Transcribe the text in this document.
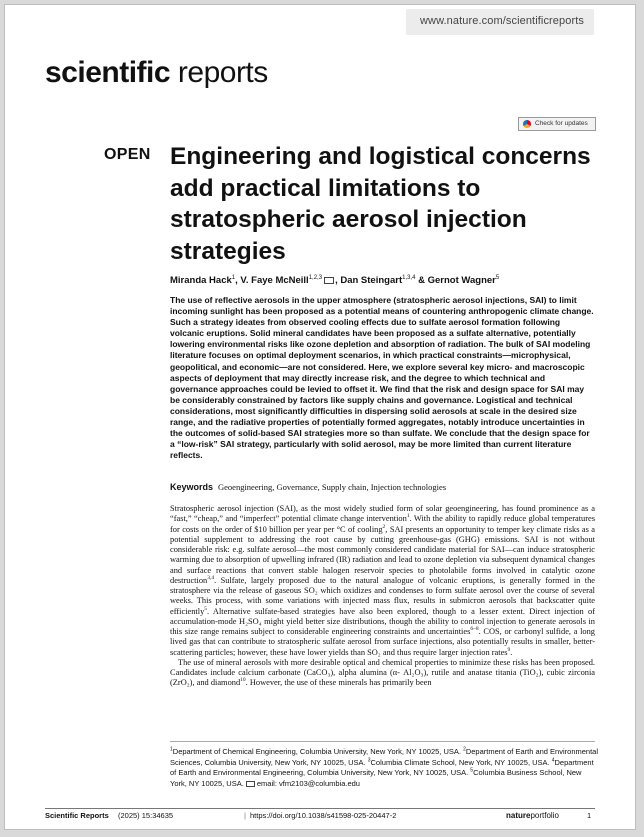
www.nature.com/scientificreports
scientific reports
Check for updates
OPEN Engineering and logistical concerns add practical limitations to stratospheric aerosol injection strategies
Miranda Hack$^1$, V. Faye McNeill$^{1,2,3}$ , Dan Steingart$^{1,3,4}$ & Gernot Wagner$^5$

The use of reflective aerosols in the upper atmosphere (stratospheric aerosol injections, SAI) to limit incoming sunlight has been proposed as a potential means of countering anthropogenic climate change. Such a strategy ideates from observed cooling effects due to sulfate aerosol formation following volcanic eruptions. Solid mineral candidates have been proposed as a sulfate alternative, potentially lowering environmental risks like ozone depletion and absorption of radiation. The bulk of SAI modeling literature focuses on optimal deployment scenarios, in which practical constraints—microphysical, geopolitical, and economic—are not considered. Here, we explore several key micro- and macroscopic aspects of deployment that may directly increase risk, and the degree to which technical and governance approaches could be levied to offset it. We find that the risk and design space for SAI may be considerably constrained by factors like supply chains and governance. Logistical and technical considerations, most significantly difficulties in dispersing solid aerosols at scale in the desired size range, and the radiative properties of potentially formed aggregates, notably introduce uncertainties in the outcomes of solid-based SAI strategies more so than sulfate. We conclude that the design space for a “low-risk” SAI strategy, particularly with solid aerosol, may be more limited than current literature reflects.

Keywords Geoengineering, Governance, Supply chain, Injection technologies

Stratospheric aerosol injection (SAI), as the most widely studied form of solar geoengineering, has found prominence as a “fast,” “cheap,” and “imperfect” potential climate change intervention$^1$. With the ability to rapidly reduce global temperatures for costs on the order of $10 billion per year per °C of cooling$^2$, SAI presents an opportunity to temper key climate risks as a potential supplement to addressing the root cause by cutting greenhouse-gas (GHG) emissions. SAI is not without considerable risk: e.g. sulfate aerosol—the most commonly considered candidate material for SAI—can induce stratospheric warming due to absorption of upwelling infrared (IR) radiation and lead to ozone depletion via subsequent dynamical changes and surface reactions that convert stable halogen reservoir species to photolabile forms involved in catalytic ozone destruction$^{3,4}$. Sulfate, largely proposed due to the natural analogue of volcanic eruptions, is generally formed in the stratosphere via the release of gaseous SO₂ which oxidizes and condenses to form sulfate aerosol over the course of several weeks. This process, with some variations with injected mass flux, results in submicron aerosols that backscatter quite efficiently$^5$. Alternative sulfate-based strategies have also been explored, though to a lesser extent. Direct injection of accumulation-mode H₂SO₄ might yield better size distributions, though the ability to control injection to generate aerosols in this size range remains subject to considerable engineering constraints and uncertainties$^{6-8}$. COS, or carbonyl sulfide, a long lived gas that can contribute to stratospheric sulfate aerosol from surface injections, also potentially results in smaller, better-scattering particles; however, these have lower yields than SO₂ and thus require larger injection rates$^9$.

The use of mineral aerosols with more desirable optical and chemical properties to minimize these risks has been proposed. Candidates include calcium carbonate (CaCO₃), alpha alumina (α- Al₂O₃), rutile and anatase titania (TiO₂), cubic zirconia (ZrO₂), and diamond$^{10}$. However, the use of these minerals has primarily been

$^1$Department of Chemical Engineering, Columbia University, New York, NY 10025, USA. $^2$Department of Earth and Environmental Sciences, Columbia University, New York, NY 10025, USA. $^3$Columbia Climate School, New York, NY 10025, USA. $^4$Department of Earth and Environmental Engineering, Columbia University, New York, NY 10025, USA. $^5$Columbia Business School, New York, NY 10025, USA. email: vfm2103@columbia.edu
Scientific Reports (2025) 15:34635	| https://doi.org/10.1038/s41598-025-20447-2	natureportfolio	1
